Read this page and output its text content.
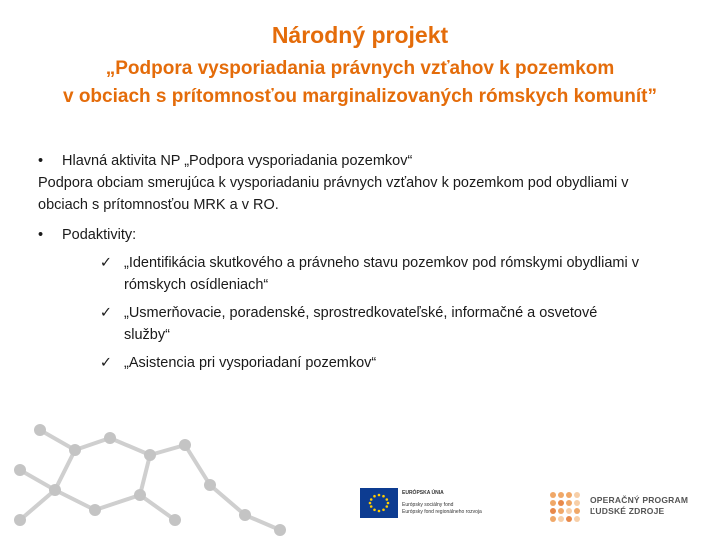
Národný projekt
„Podpora vysporiadania právnych vzťahov k pozemkom
v obciach s prítomnosťou marginalizovaných rómskych komunít”
•	Hlavná aktivita NP „Podpora vysporiadania pozemkov“
Podpora obciam smerujúca k vysporiadaniu právnych vzťahov k pozemkom pod obydliami v obciach s prítomnosťou MRK a v RO.
•	Podaktivity:
✓ „Identifikácia skutkového a právneho stavu pozemkov pod rómskymi obydliami v rómskych osídleniach“
✓ „Usmerňovacie, poradenské, sprostredkovateľské, informačné a osvetové služby“
✓ „Asistencia pri vysporiadaní pozemkov“
EURÓPSKA ÚNIA
Európsky sociálny fond
Európsky fond regionálneho rozvoja
OPERAČNÝ PROGRAM
ĽUDSKÉ ZDROJE
